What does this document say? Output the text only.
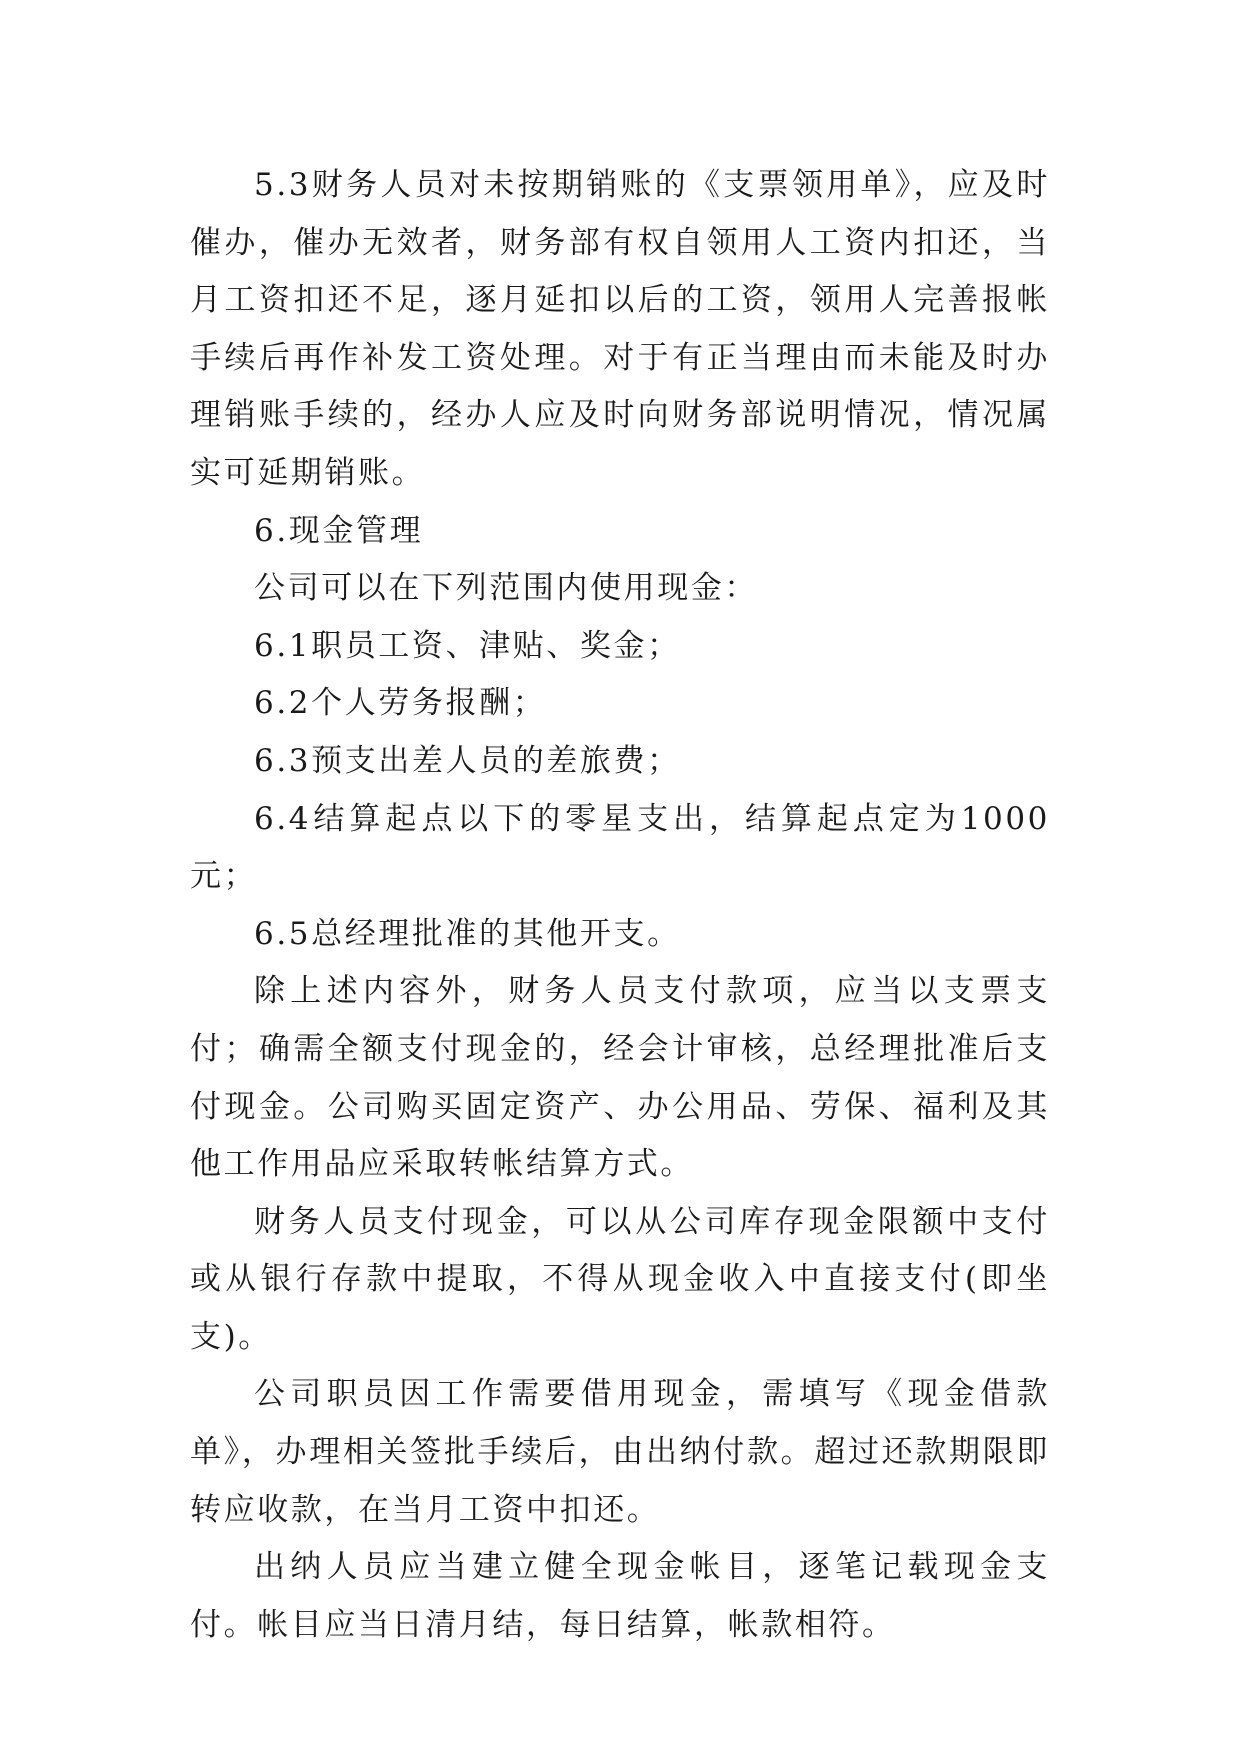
5.3财务人员对未按期销账的《支票领用单》，应及时催办，催办无效者，财务部有权自领用人工资内扣还，当月工资扣还不足，逐月延扣以后的工资，领用人完善报帐手续后再作补发工资处理。对于有正当理由而未能及时办理销账手续的，经办人应及时向财务部说明情况，情况属实可延期销账。

6.现金管理

公司可以在下列范围内使用现金：

6.1职员工资、津贴、奖金；

6.2个人劳务报酬；

6.3预支出差人员的差旅费；

6.4结算起点以下的零星支出，结算起点定为1000元；

6.5总经理批准的其他开支。

除上述内容外，财务人员支付款项，应当以支票支付；确需全额支付现金的，经会计审核，总经理批准后支付现金。公司购买固定资产、办公用品、劳保、福利及其他工作用品应采取转帐结算方式。

财务人员支付现金，可以从公司库存现金限额中支付或从银行存款中提取，不得从现金收入中直接支付(即坐支)。

公司职员因工作需要借用现金，需填写《现金借款单》，办理相关签批手续后，由出纳付款。超过还款期限即转应收款，在当月工资中扣还。

出纳人员应当建立健全现金帐目，逐笔记载现金支付。帐目应当日清月结，每日结算，帐款相符。
